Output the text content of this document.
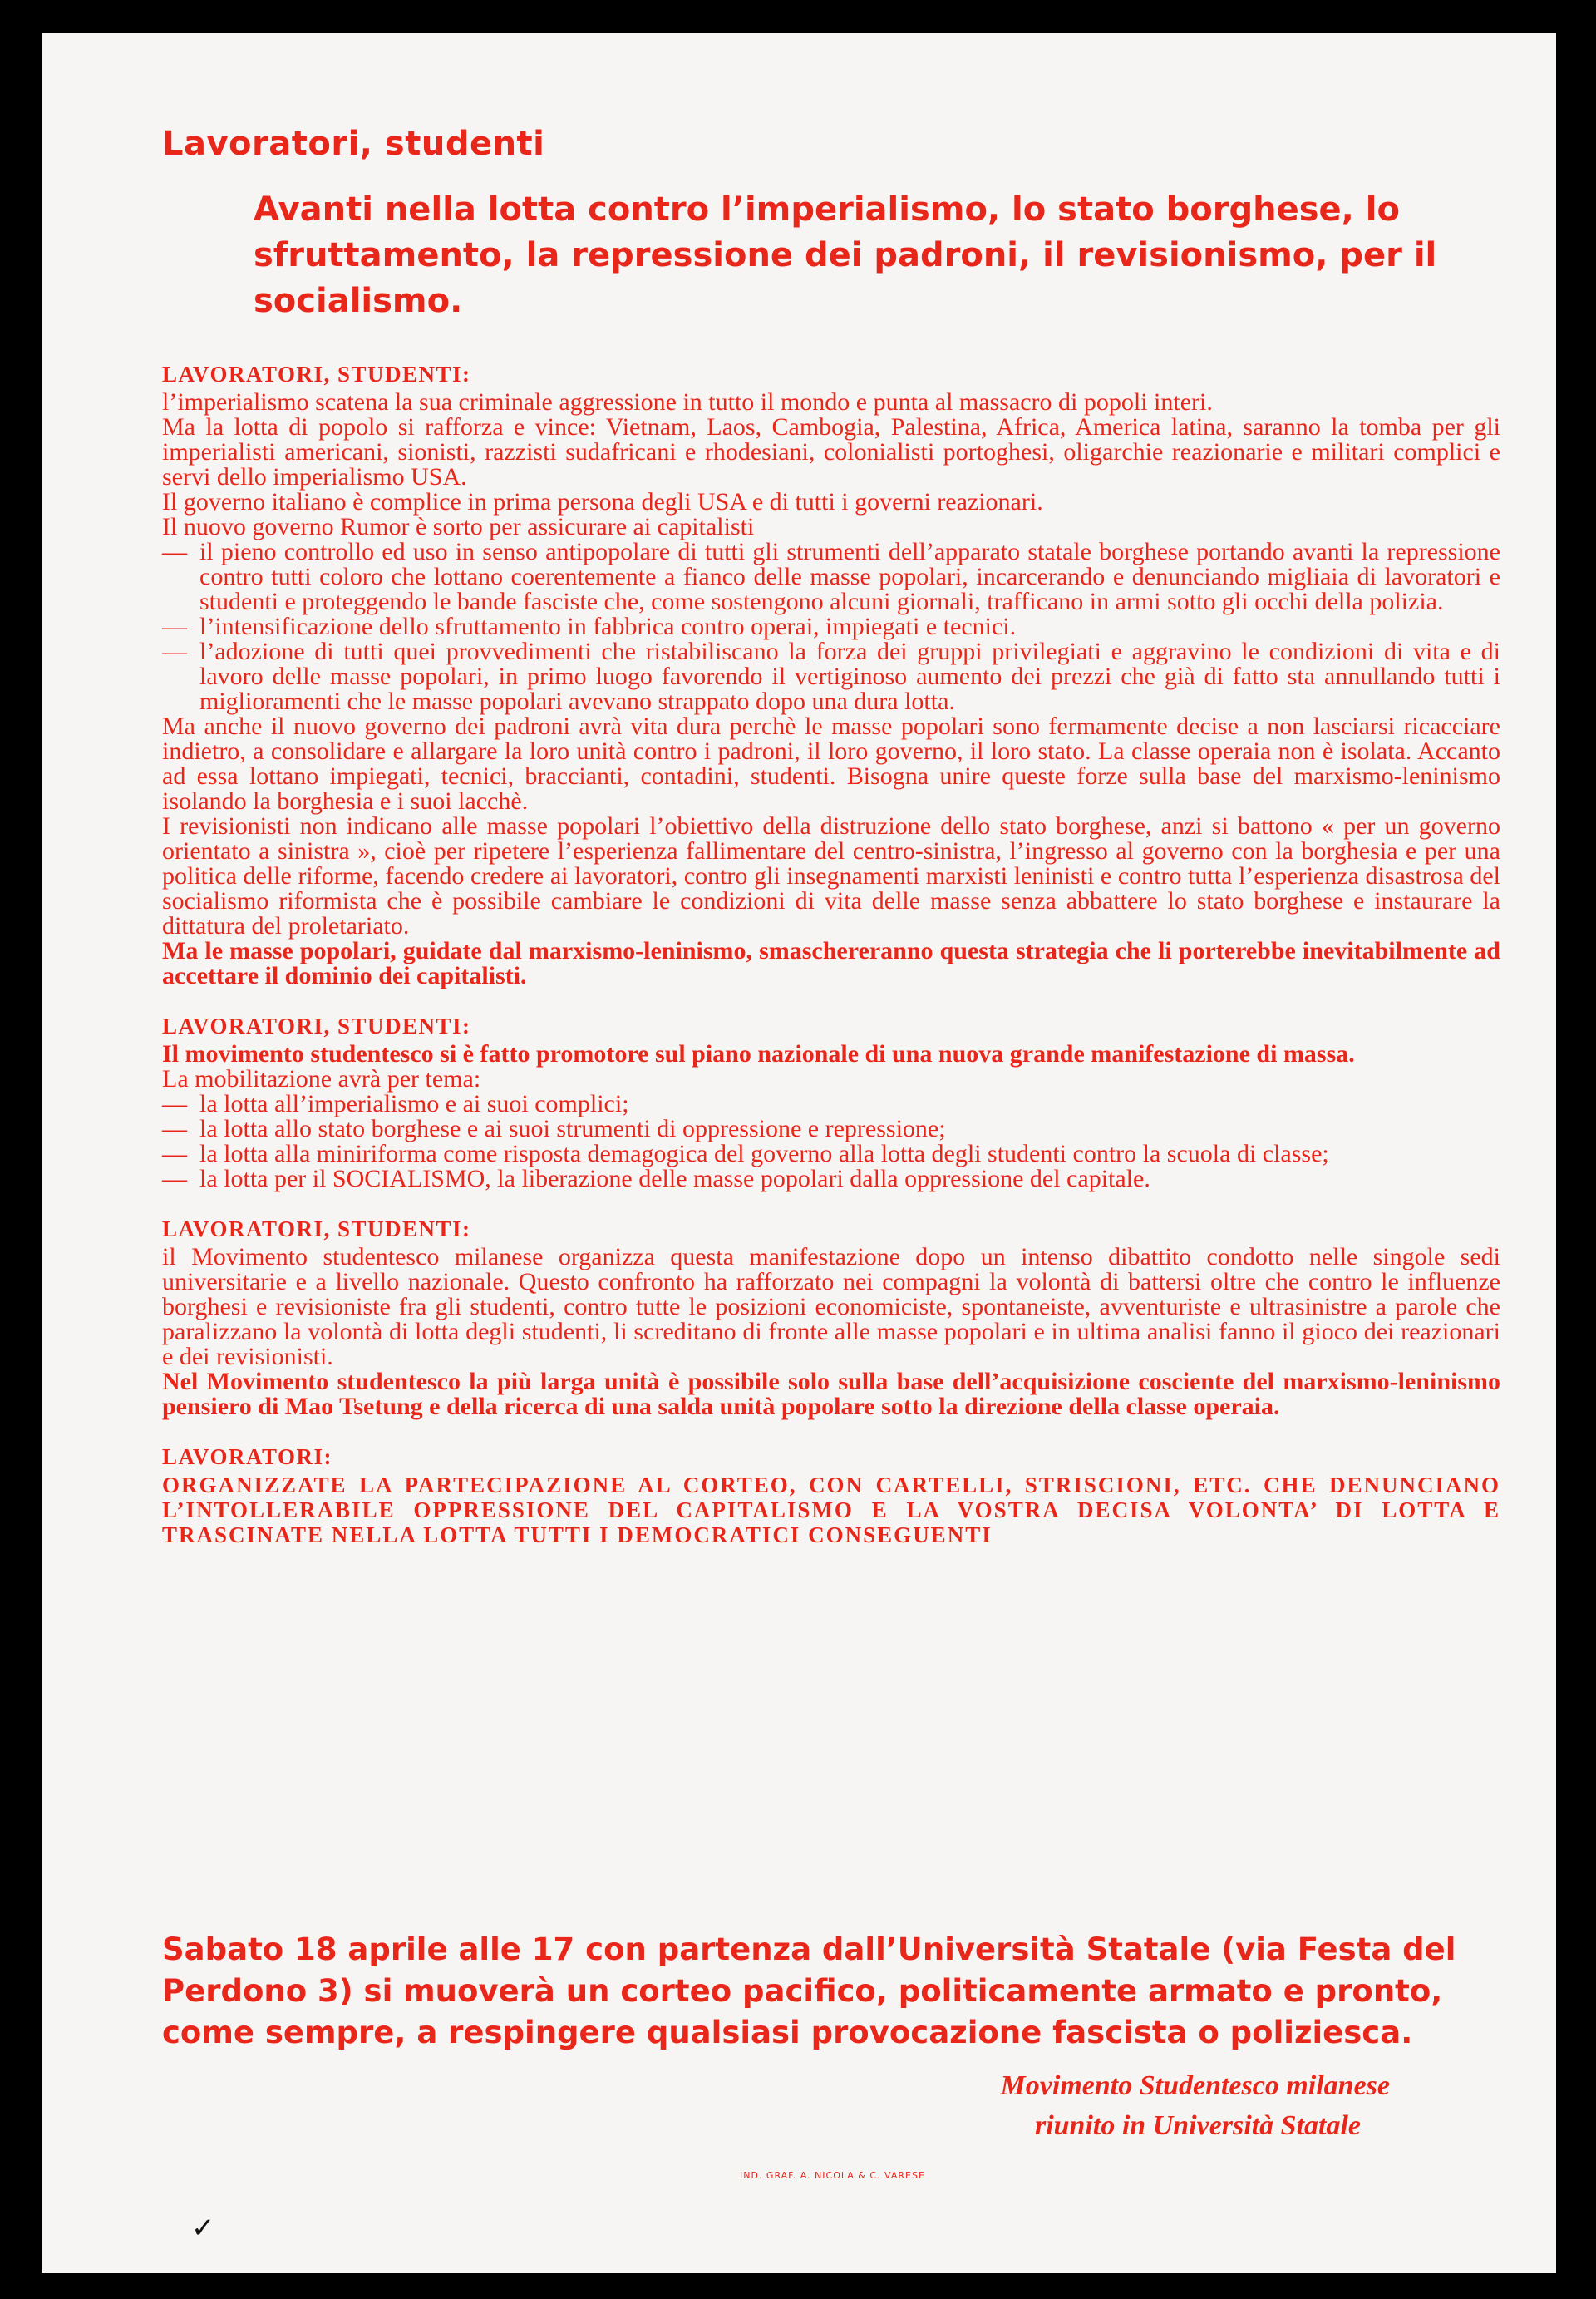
Lavoratori, studenti
Avanti nella lotta contro l’imperialismo, lo stato borghese, lo sfruttamento, la repressione dei padroni, il revisionismo, per il socialismo.
LAVORATORI, STUDENTI:

l’imperialismo scatena la sua criminale aggressione in tutto il mondo e punta al massacro di popoli interi.

Ma la lotta di popolo si rafforza e vince: Vietnam, Laos, Cambogia, Palestina, Africa, America latina, saranno la tomba per gli imperialisti americani, sionisti, razzisti sudafricani e rhodesiani, colonialisti portoghesi, oligarchie reazionarie e militari complici e servi dello imperialismo USA.

Il governo italiano è complice in prima persona degli USA e di tutti i governi reazionari.

Il nuovo governo Rumor è sorto per assicurare ai capitalisti

— il pieno controllo ed uso in senso antipopolare di tutti gli strumenti dell’apparato statale borghese portando avanti la repressione contro tutti coloro che lottano coerentemente a fianco delle masse popolari, incarcerando e denunciando migliaia di lavoratori e studenti e proteggendo le bande fasciste che, come sostengono alcuni giornali, trafficano in armi sotto gli occhi della polizia.
— l’intensificazione dello sfruttamento in fabbrica contro operai, impiegati e tecnici.
— l’adozione di tutti quei provvedimenti che ristabiliscano la forza dei gruppi privilegiati e aggravino le condizioni di vita e di lavoro delle masse popolari, in primo luogo favorendo il vertiginoso aumento dei prezzi che già di fatto sta annullando tutti i miglioramenti che le masse popolari avevano strappato dopo una dura lotta.

Ma anche il nuovo governo dei padroni avrà vita dura perchè le masse popolari sono fermamente decise a non lasciarsi ricacciare indietro, a consolidare e allargare la loro unità contro i padroni, il loro governo, il loro stato. La classe operaia non è isolata. Accanto ad essa lottano impiegati, tecnici, braccianti, contadini, studenti. Bisogna unire queste forze sulla base del marxismo-leninismo isolando la borghesia e i suoi lacchè.

I revisionisti non indicano alle masse popolari l’obiettivo della distruzione dello stato borghese, anzi si battono « per un governo orientato a sinistra », cioè per ripetere l’esperienza fallimentare del centro-sinistra, l’ingresso al governo con la borghesia e per una politica delle riforme, facendo credere ai lavoratori, contro gli insegnamenti marxisti leninisti e contro tutta l’esperienza disastrosa del socialismo riformista che è possibile cambiare le condizioni di vita delle masse senza abbattere lo stato borghese e instaurare la dittatura del proletariato.

Ma le masse popolari, guidate dal marxismo-leninismo, smaschereranno questa strategia che li porterebbe inevitabilmente ad accettare il dominio dei capitalisti.

LAVORATORI, STUDENTI:

Il movimento studentesco si è fatto promotore sul piano nazionale di una nuova grande manifestazione di massa.

La mobilitazione avrà per tema:

— la lotta all’imperialismo e ai suoi complici;
— la lotta allo stato borghese e ai suoi strumenti di oppressione e repressione;
— la lotta alla miniriforma come risposta demagogica del governo alla lotta degli studenti contro la scuola di classe;
— la lotta per il SOCIALISMO, la liberazione delle masse popolari dalla oppressione del capitale.
LAVORATORI, STUDENTI:

il Movimento studentesco milanese organizza questa manifestazione dopo un intenso dibattito condotto nelle singole sedi universitarie e a livello nazionale. Questo confronto ha rafforzato nei compagni la volontà di battersi oltre che contro le influenze borghesi e revisioniste fra gli studenti, contro tutte le posizioni economiciste, spontaneiste, avventuriste e ultrasinistre a parole che paralizzano la volontà di lotta degli studenti, li screditano di fronte alle masse popolari e in ultima analisi fanno il gioco dei reazionari e dei revisionisti.

Nel Movimento studentesco la più larga unità è possibile solo sulla base dell’acquisizione cosciente del marxismo-leninismo pensiero di Mao Tsetung e della ricerca di una salda unità popolare sotto la direzione della classe operaia.

LAVORATORI:

ORGANIZZATE LA PARTECIPAZIONE AL CORTEO, CON CARTELLI, STRISCIONI, ETC. CHE DENUNCIANO L’INTOLLERABILE OPPRESSIONE DEL CAPITALISMO E LA VOSTRA DECISA VOLONTA’ DI LOTTA E TRASCINATE NELLA LOTTA TUTTI I DEMOCRATICI CONSEGUENTI

Sabato 18 aprile alle 17 con partenza dall’Università Statale (via Festa del Perdono 3) si muoverà un corteo pacifico, politicamente armato e pronto, come sempre, a respingere qualsiasi provocazione fascista o poliziesca.

Movimento Studentesco milanese
riunito in Università Statale
IND. GRAF. A. NICOLA & C. VARESE
✓
